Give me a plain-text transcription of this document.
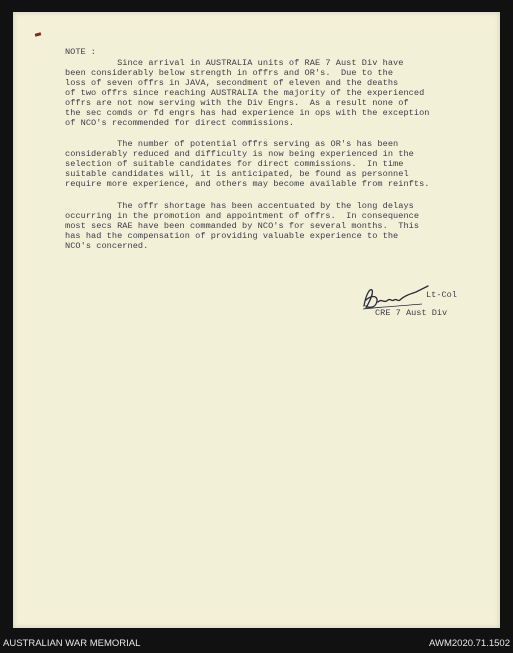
NOTE :
Since arrival in AUSTRALIA units of RAE 7 Aust Div have
been considerably below strength in offrs and OR's.  Due to the
loss of seven offrs in JAVA, secondment of eleven and the deaths
of two offrs since reaching AUSTRALIA the majority of the experienced
offrs are not now serving with the Div Engrs.  As a result none of
the sec comds or fd engrs has had experience in ops with the exception
of NCO's recommended for direct commissions.
The number of potential offrs serving as OR's has been
considerably reduced and difficulty is now being experienced in the
selection of suitable candidates for direct commissions.  In time
suitable candidates will, it is anticipated, be found as personnel
require more experience, and others may become available from reinfts.
The offr shortage has been accentuated by the long delays
occurring in the promotion and appointment of offrs.  In consequence
most secs RAE have been commanded by NCO's for several months.  This
has had the compensation of providing valuable experience to the
NCO's concerned.
Lt-Col
CRE 7 Aust Div
AUSTRALIAN WAR MEMORIAL	AWM2020.71.1502
